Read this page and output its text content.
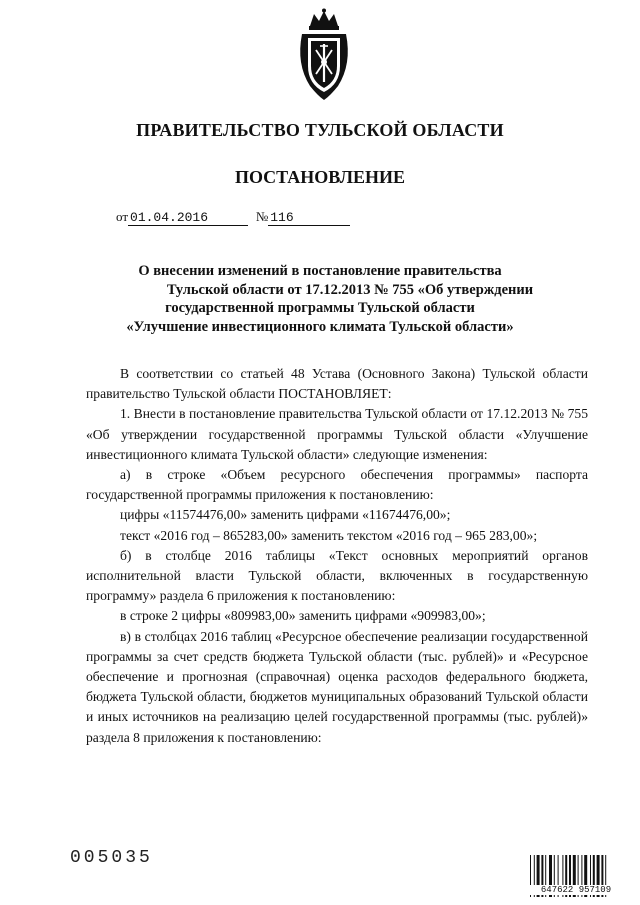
ПРАВИТЕЛЬСТВО ТУЛЬСКОЙ ОБЛАСТИ
ПОСТАНОВЛЕНИЕ
от 01.04.2016	№ 116
О внесении изменений в постановление правительства
Тульской области от 17.12.2013 № 755 «Об утверждении
государственной программы Тульской области
«Улучшение инвестиционного климата Тульской области»

В соответствии со статьей 48 Устава (Основного Закона) Тульской области правительство Тульской области ПОСТАНОВЛЯЕТ:

1. Внести в постановление правительства Тульской области от 17.12.2013 № 755 «Об утверждении государственной программы Тульской области «Улучшение инвестиционного климата Тульской области» следующие изменения:

а) в строке «Объем ресурсного обеспечения программы» паспорта государственной программы приложения к постановлению:

цифры «11574476,00» заменить цифрами «11674476,00»;

текст «2016 год – 865283,00» заменить текстом «2016 год – 965 283,00»;

б) в столбце 2016 таблицы «Текст основных мероприятий органов исполнительной власти Тульской области, включенных в государственную программу» раздела 6 приложения к постановлению:

в строке 2 цифры «809983,00» заменить цифрами «909983,00»;

в) в столбцах 2016 таблиц «Ресурсное обеспечение реализации государственной программы за счет средств бюджета Тульской области (тыс. рублей)» и «Ресурсное обеспечение и прогнозная (справочная) оценка расходов федерального бюджета, бюджета Тульской области, бюджетов муниципальных образований Тульской области и иных источников на реализацию целей государственной программы (тыс. рублей)» раздела 8 приложения к постановлению:

005035
647622 957109
